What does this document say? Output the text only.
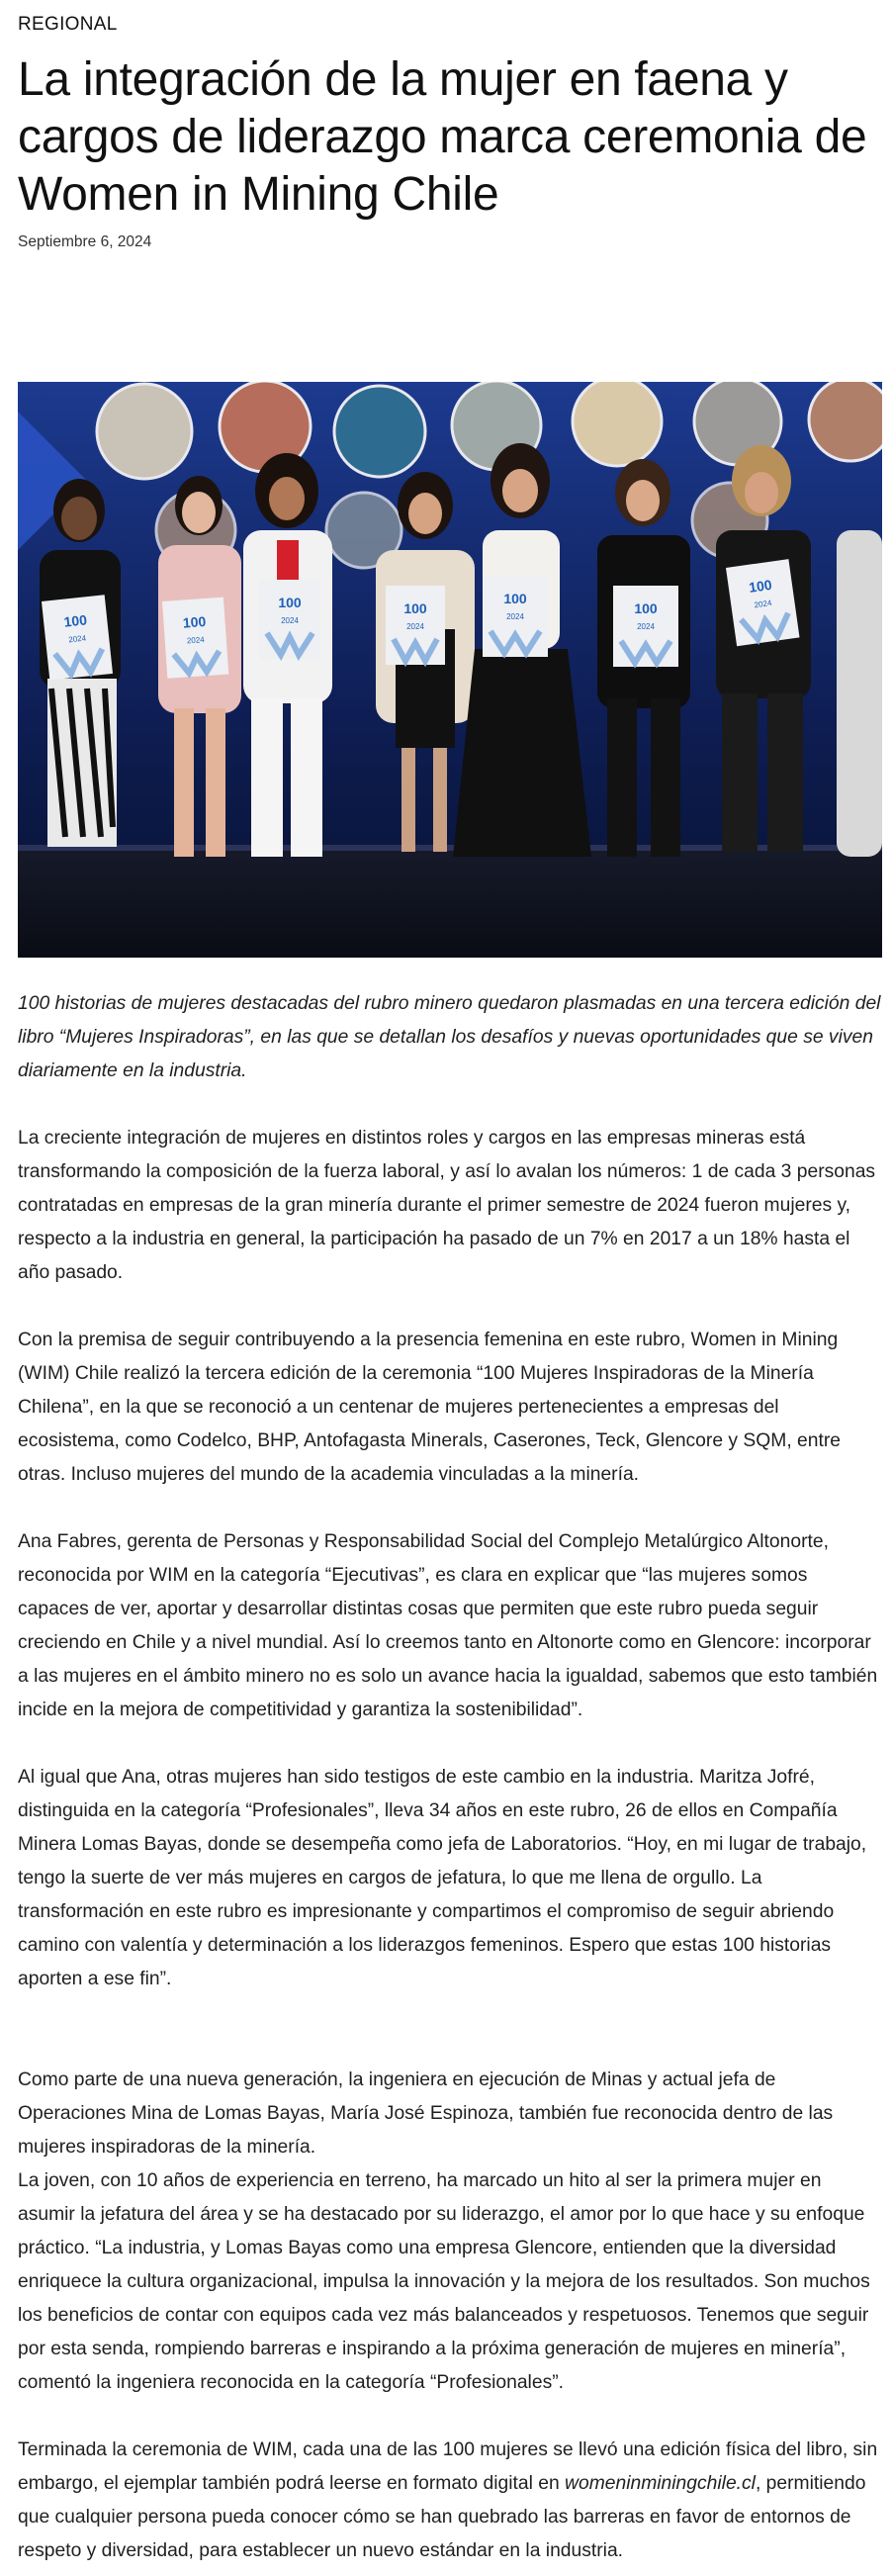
REGIONAL
La integración de la mujer en faena y cargos de liderazgo marca ceremonia de Women in Mining Chile
Septiembre 6, 2024
100
2024
100
2024
100
2024
100
2024
100
2024
100
2024
100
2024

100 historias de mujeres destacadas del rubro minero quedaron plasmadas en una tercera edición del libro “Mujeres Inspiradoras”, en las que se detallan los desafíos y nuevas oportunidades que se viven diariamente en la industria.

La creciente integración de mujeres en distintos roles y cargos en las empresas mineras está transformando la composición de la fuerza laboral, y así lo avalan los números: 1 de cada 3 personas contratadas en empresas de la gran minería durante el primer semestre de 2024 fueron mujeres y, respecto a la industria en general, la participación ha pasado de un 7% en 2017 a un 18% hasta el año pasado.

Con la premisa de seguir contribuyendo a la presencia femenina en este rubro, Women in Mining (WIM) Chile realizó la tercera edición de la ceremonia “100 Mujeres Inspiradoras de la Minería Chilena”, en la que se reconoció a un centenar de mujeres pertenecientes a empresas del ecosistema, como Codelco, BHP, Antofagasta Minerals, Caserones, Teck, Glencore y SQM, entre otras. Incluso mujeres del mundo de la academia vinculadas a la minería.

Ana Fabres, gerenta de Personas y Responsabilidad Social del Complejo Metalúrgico Altonorte, reconocida por WIM en la categoría “Ejecutivas”, es clara en explicar que “las mujeres somos capaces de ver, aportar y desarrollar distintas cosas que permiten que este rubro pueda seguir creciendo en Chile y a nivel mundial. Así lo creemos tanto en Altonorte como en Glencore: incorporar a las mujeres en el ámbito minero no es solo un avance hacia la igualdad, sabemos que esto también incide en la mejora de competitividad y garantiza la sostenibilidad”.

Al igual que Ana, otras mujeres han sido testigos de este cambio en la industria. Maritza Jofré, distinguida en la categoría “Profesionales”, lleva 34 años en este rubro, 26 de ellos en Compañía Minera Lomas Bayas, donde se desempeña como jefa de Laboratorios. “Hoy, en mi lugar de trabajo, tengo la suerte de ver más mujeres en cargos de jefatura, lo que me llena de orgullo. La transformación en este rubro es impresionante y compartimos el compromiso de seguir abriendo camino con valentía y determinación a los liderazgos femeninos. Espero que estas 100 historias aporten a ese fin”.

Como parte de una nueva generación, la ingeniera en ejecución de Minas y actual jefa de Operaciones Mina de Lomas Bayas, María José Espinoza, también fue reconocida dentro de las mujeres inspiradoras de la minería.

La joven, con 10 años de experiencia en terreno, ha marcado un hito al ser la primera mujer en asumir la jefatura del área y se ha destacado por su liderazgo, el amor por lo que hace y su enfoque práctico. “La industria, y Lomas Bayas como una empresa Glencore, entienden que la diversidad enriquece la cultura organizacional, impulsa la innovación y la mejora de los resultados. Son muchos los beneficios de contar con equipos cada vez más balanceados y respetuosos. Tenemos que seguir por esta senda, rompiendo barreras e inspirando a la próxima generación de mujeres en minería”, comentó la ingeniera reconocida en la categoría “Profesionales”.

Terminada la ceremonia de WIM, cada una de las 100 mujeres se llevó una edición física del libro, sin embargo, el ejemplar también podrá leerse en formato digital en womeninminingchile.cl, permitiendo que cualquier persona pueda conocer cómo se han quebrado las barreras en favor de entornos de respeto y diversidad, para establecer un nuevo estándar en la industria.
